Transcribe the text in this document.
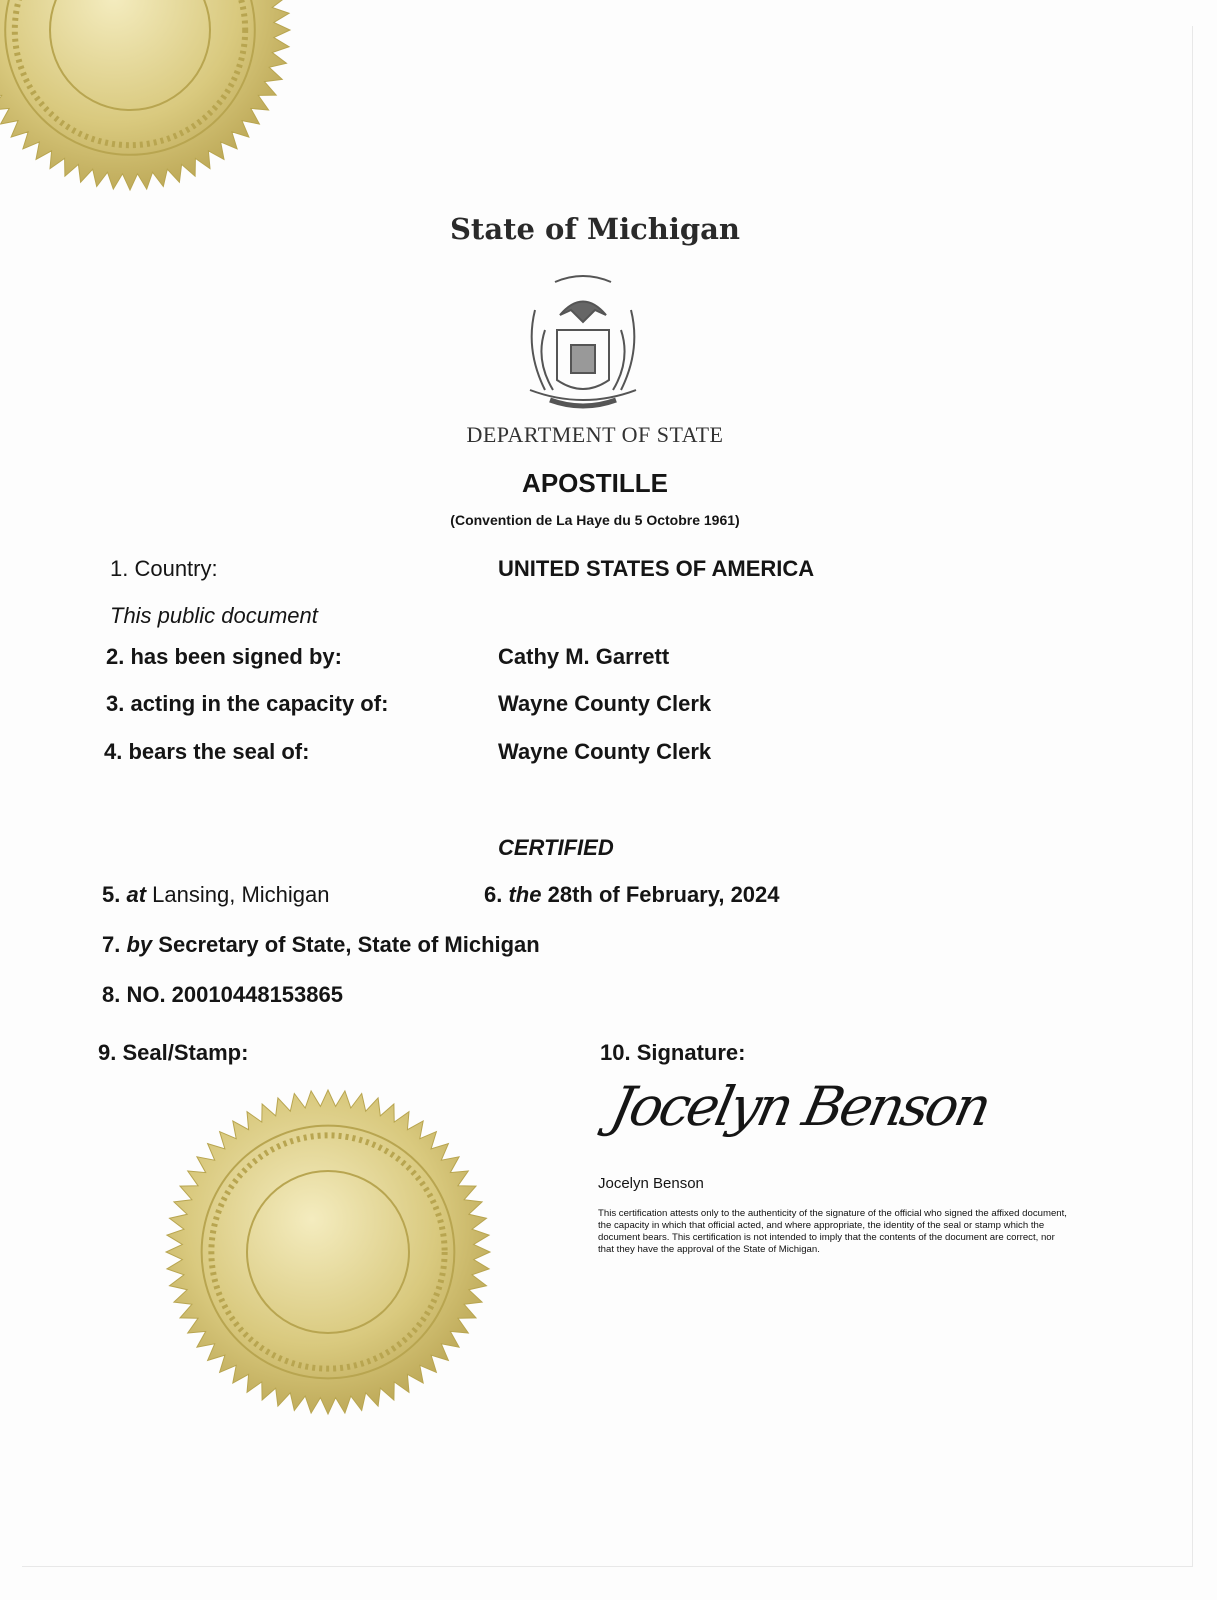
State of Michigan
DEPARTMENT OF STATE
APOSTILLE
(Convention de La Haye du 5 Octobre 1961)
1. Country:	UNITED STATES OF AMERICA
This public document
2. has been signed by:	Cathy M. Garrett
3. acting in the capacity of:	Wayne County Clerk
4. bears the seal of:	Wayne County Clerk
CERTIFIED
5. at Lansing, Michigan	6. the 28th of February, 2024
7. by Secretary of State, State of Michigan
8. NO. 20010448153865
9. Seal/Stamp:	10. Signature:
Jocelyn Benson
Jocelyn Benson
This certification attests only to the authenticity of the signature of the official who signed the affixed document, the capacity in which that official acted, and where appropriate, the identity of the seal or stamp which the document bears. This certification is not intended to imply that the contents of the document are correct, nor that they have the approval of the State of Michigan.
